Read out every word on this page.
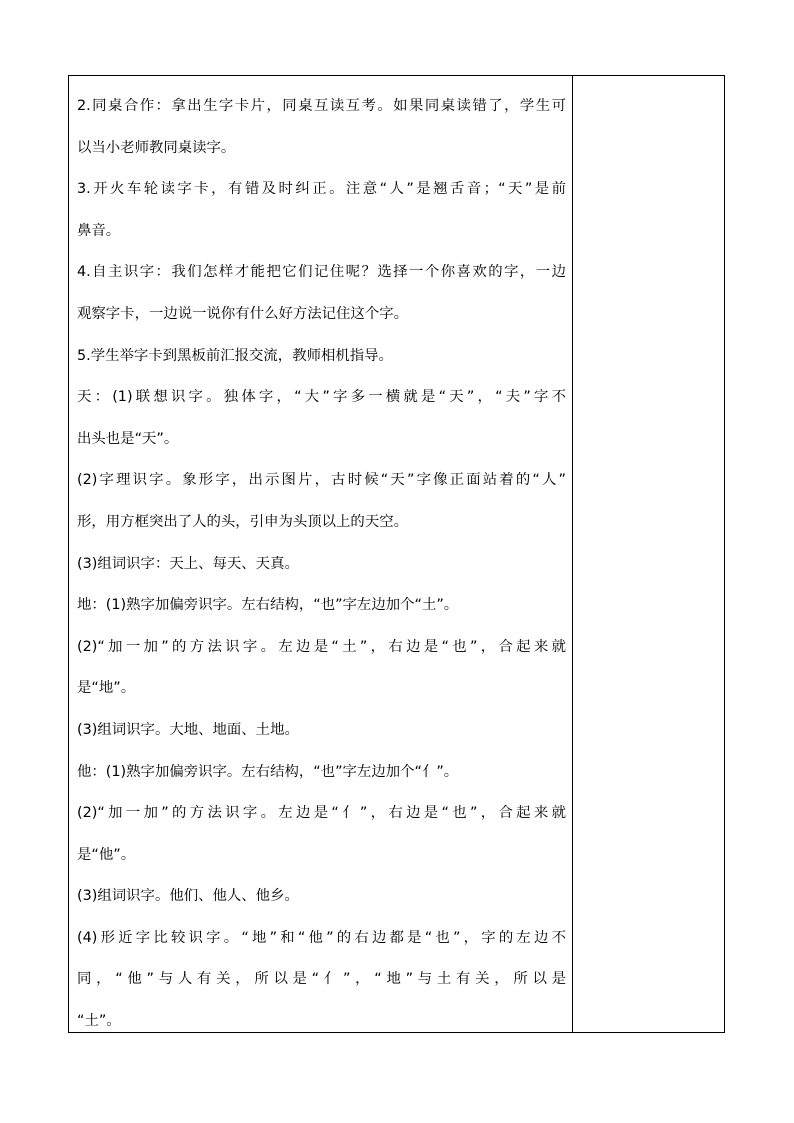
2.同桌合作：拿出生字卡片，同桌互读互考。如果同桌读错了，学生可
以当小老师教同桌读字。
3.开火车轮读字卡，有错及时纠正。注意“人”是翘舌音；“天”是前
鼻音。
4.自主识字：我们怎样才能把它们记住呢？选择一个你喜欢的字，一边
观察字卡，一边说一说你有什么好方法记住这个字。
5.学生举字卡到黑板前汇报交流，教师相机指导。
天：(1)联想识字。独体字，“大”字多一横就是“天”，“夫”字不
出头也是“天”。
(2)字理识字。象形字，出示图片，古时候“天”字像正面站着的“人”
形，用方框突出了人的头，引申为头顶以上的天空。
(3)组词识字：天上、每天、天真。
地：(1)熟字加偏旁识字。左右结构，“也”字左边加个“土”。
(2)“加一加”的方法识字。左边是“土”，右边是“也”，合起来就
是“地”。
(3)组词识字。大地、地面、土地。
他：(1)熟字加偏旁识字。左右结构，“也”字左边加个“亻”。
(2)“加一加”的方法识字。左边是“亻”，右边是“也”，合起来就
是“他”。
(3)组词识字。他们、他人、他乡。
(4)形近字比较识字。“地”和“他”的右边都是“也”，字的左边不
同，“他”与人有关，所以是“亻”，“地”与土有关，所以是
“土”。
